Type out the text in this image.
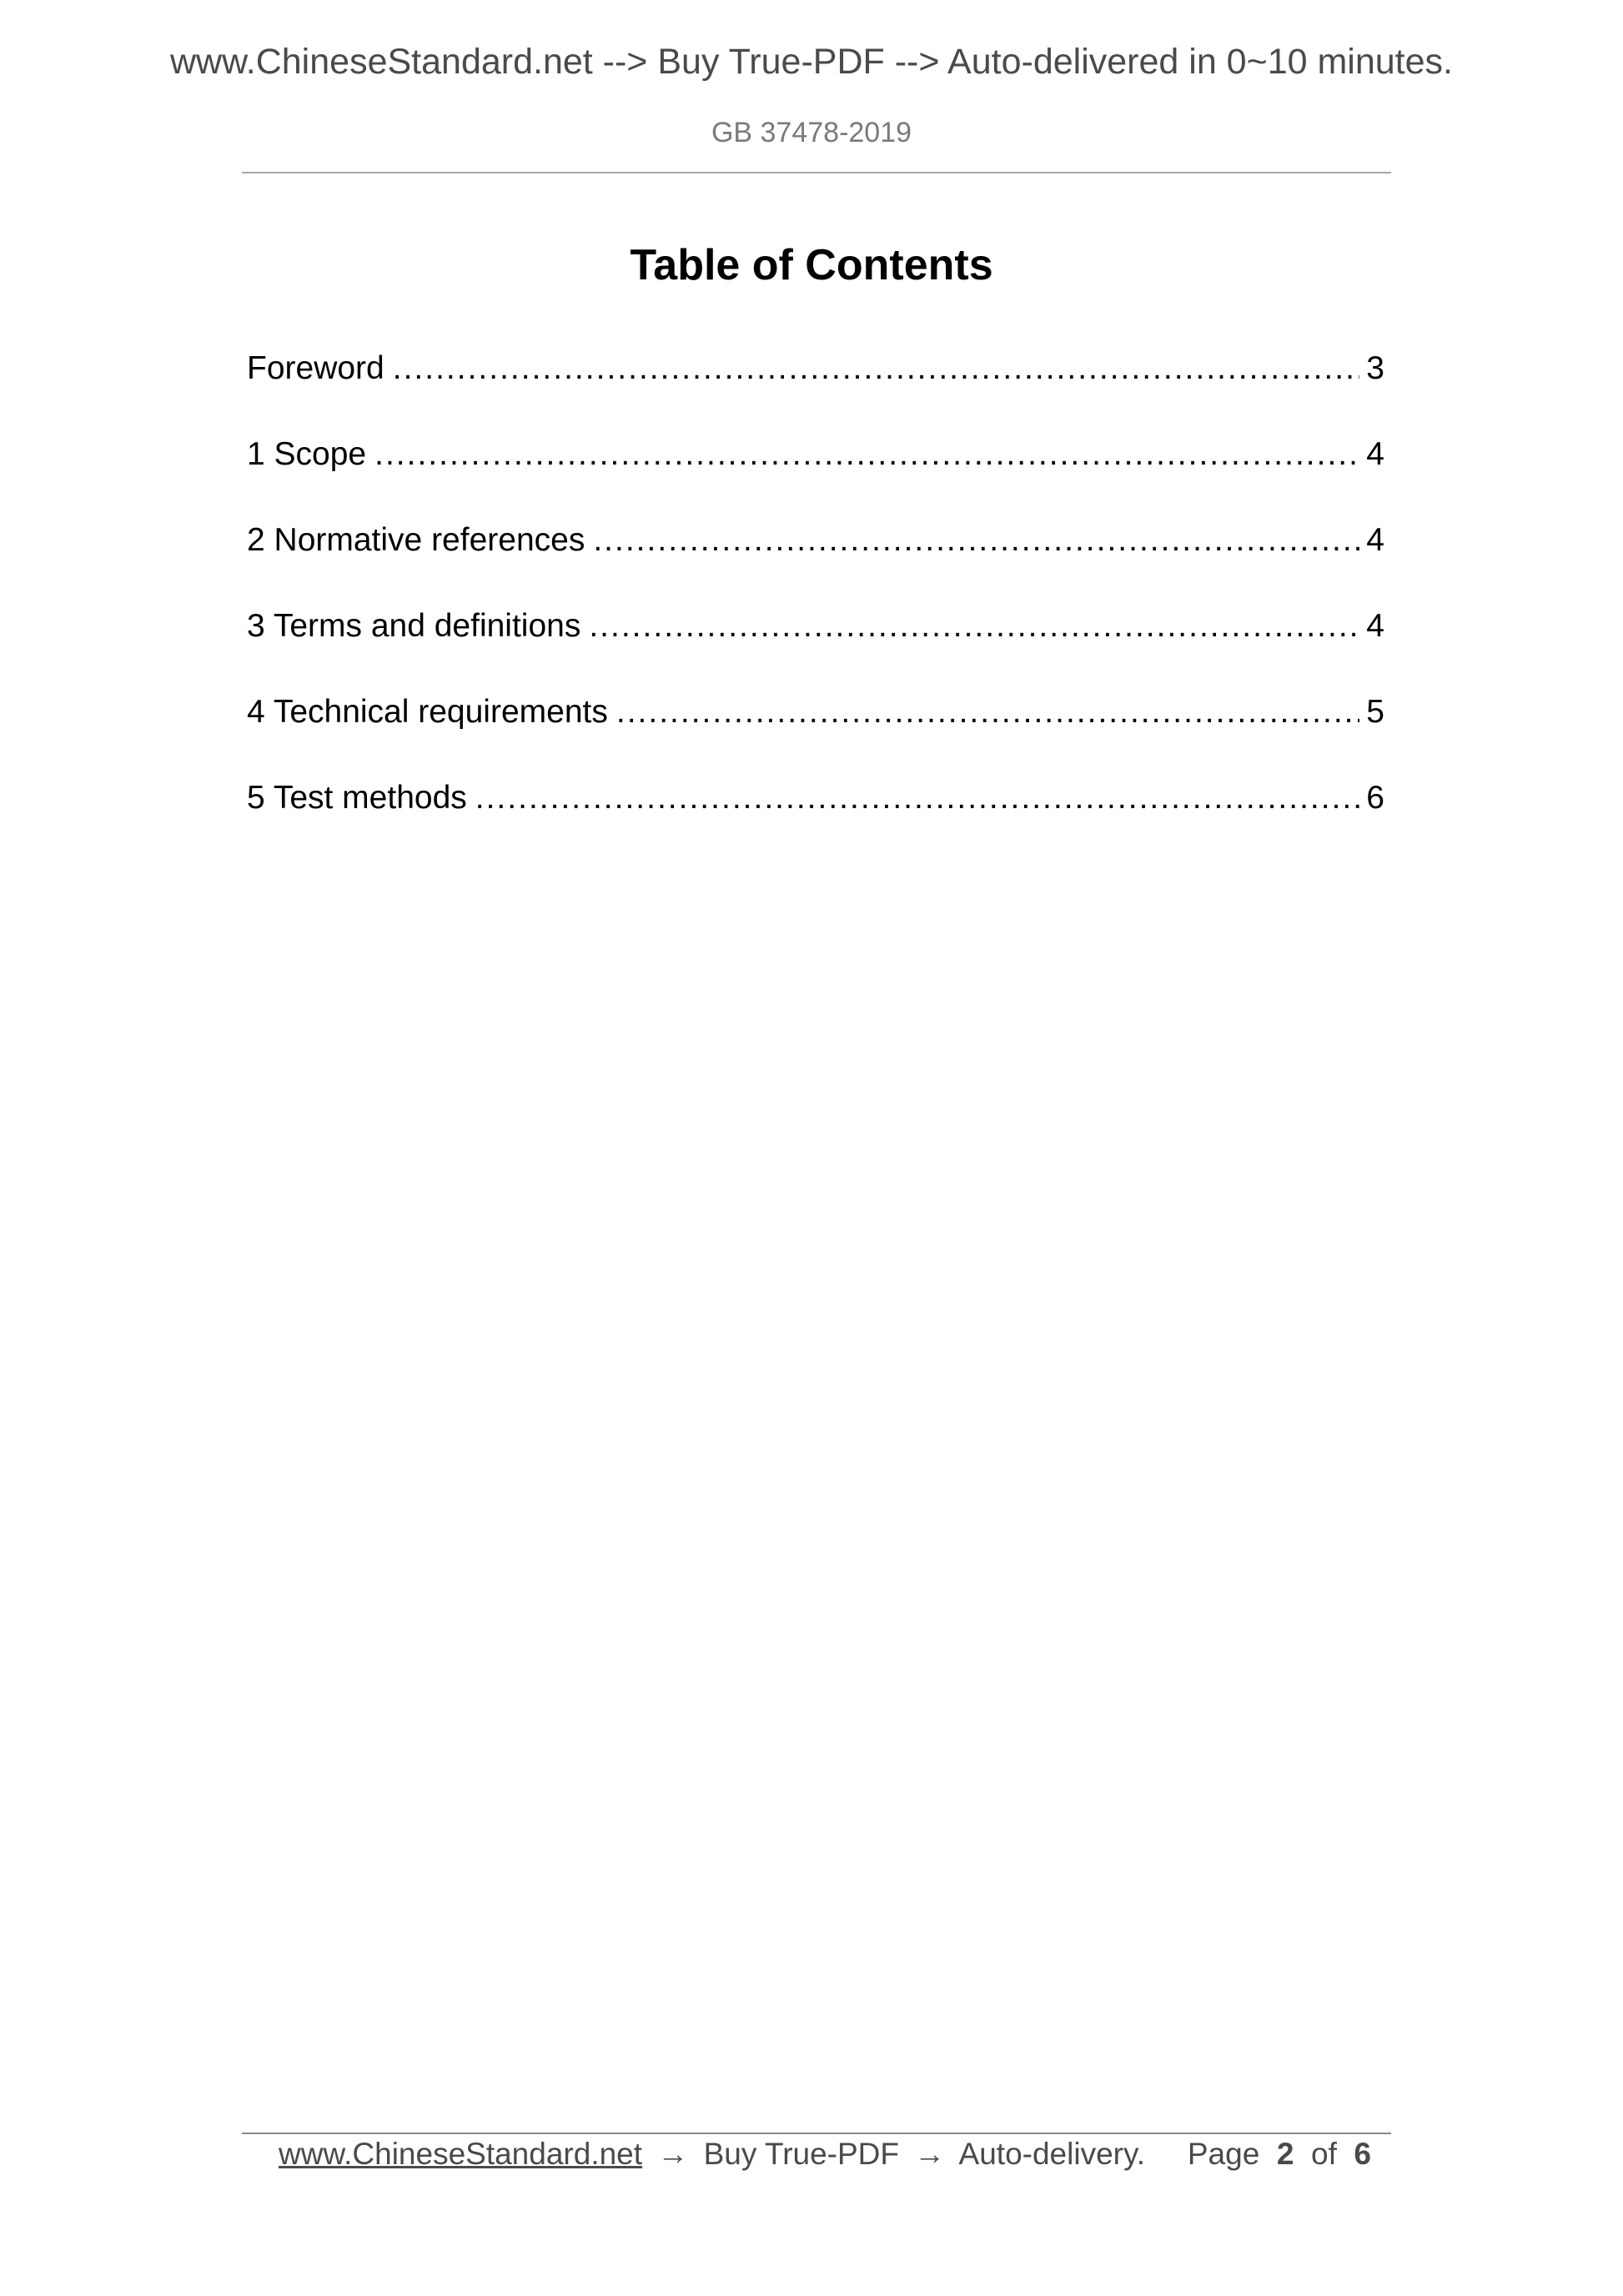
www.ChineseStandard.net --> Buy True-PDF --> Auto-delivered in 0~10 minutes.
GB 37478-2019
Table of Contents
Foreword .....	3
1 Scope .....	4
2 Normative references .....	4
3 Terms and definitions .....	4
4 Technical requirements .....	5
5 Test methods .....	6
www.ChineseStandard.net → Buy True-PDF → Auto-delivery. Page 2 of 6
